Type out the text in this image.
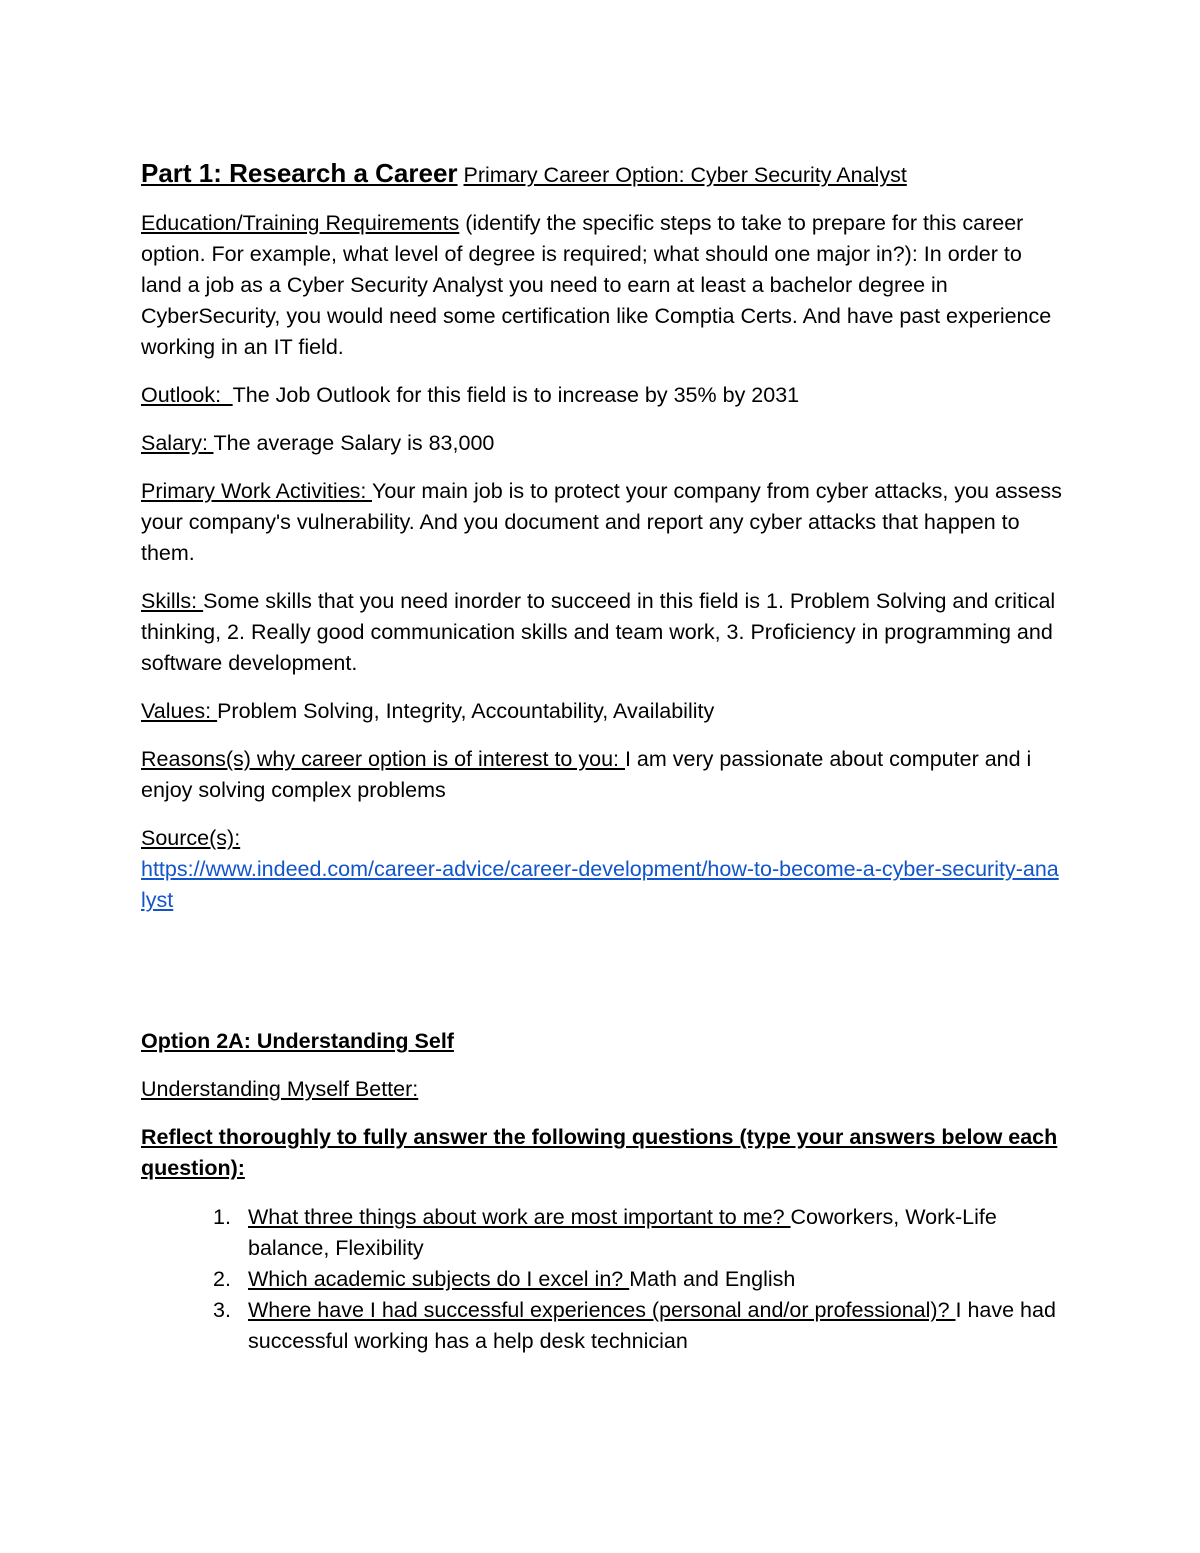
Part 1: Research a Career Primary Career Option: Cyber Security Analyst

Education/Training Requirements (identify the specific steps to take to prepare for this career option. For example, what level of degree is required; what should one major in?): In order to land a job as a Cyber Security Analyst you need to earn at least a bachelor degree in CyberSecurity, you would need some certification like Comptia Certs. And have past experience working in an IT field.

Outlook:  The Job Outlook for this field is to increase by 35% by 2031

Salary: The average Salary is 83,000

Primary Work Activities: Your main job is to protect your company from cyber attacks, you assess your company's vulnerability. And you document and report any cyber attacks that happen to them.

Skills: Some skills that you need inorder to succeed in this field is 1. Problem Solving and critical thinking, 2. Really good communication skills and team work, 3. Proficiency in programming and software development.

Values: Problem Solving, Integrity, Accountability, Availability

Reasons(s) why career option is of interest to you: I am very passionate about computer and i enjoy solving complex problems

Source(s):
https://www.indeed.com/career-advice/career-development/how-to-become-a-cyber-security-analyst

Option 2A: Understanding Self

Understanding Myself Better:

Reflect thoroughly to fully answer the following questions (type your answers below each question):

1. What three things about work are most important to me? Coworkers, Work-Life balance, Flexibility
2. Which academic subjects do I excel in? Math and English
3. Where have I had successful experiences (personal and/or professional)? I have had successful working has a help desk technician
